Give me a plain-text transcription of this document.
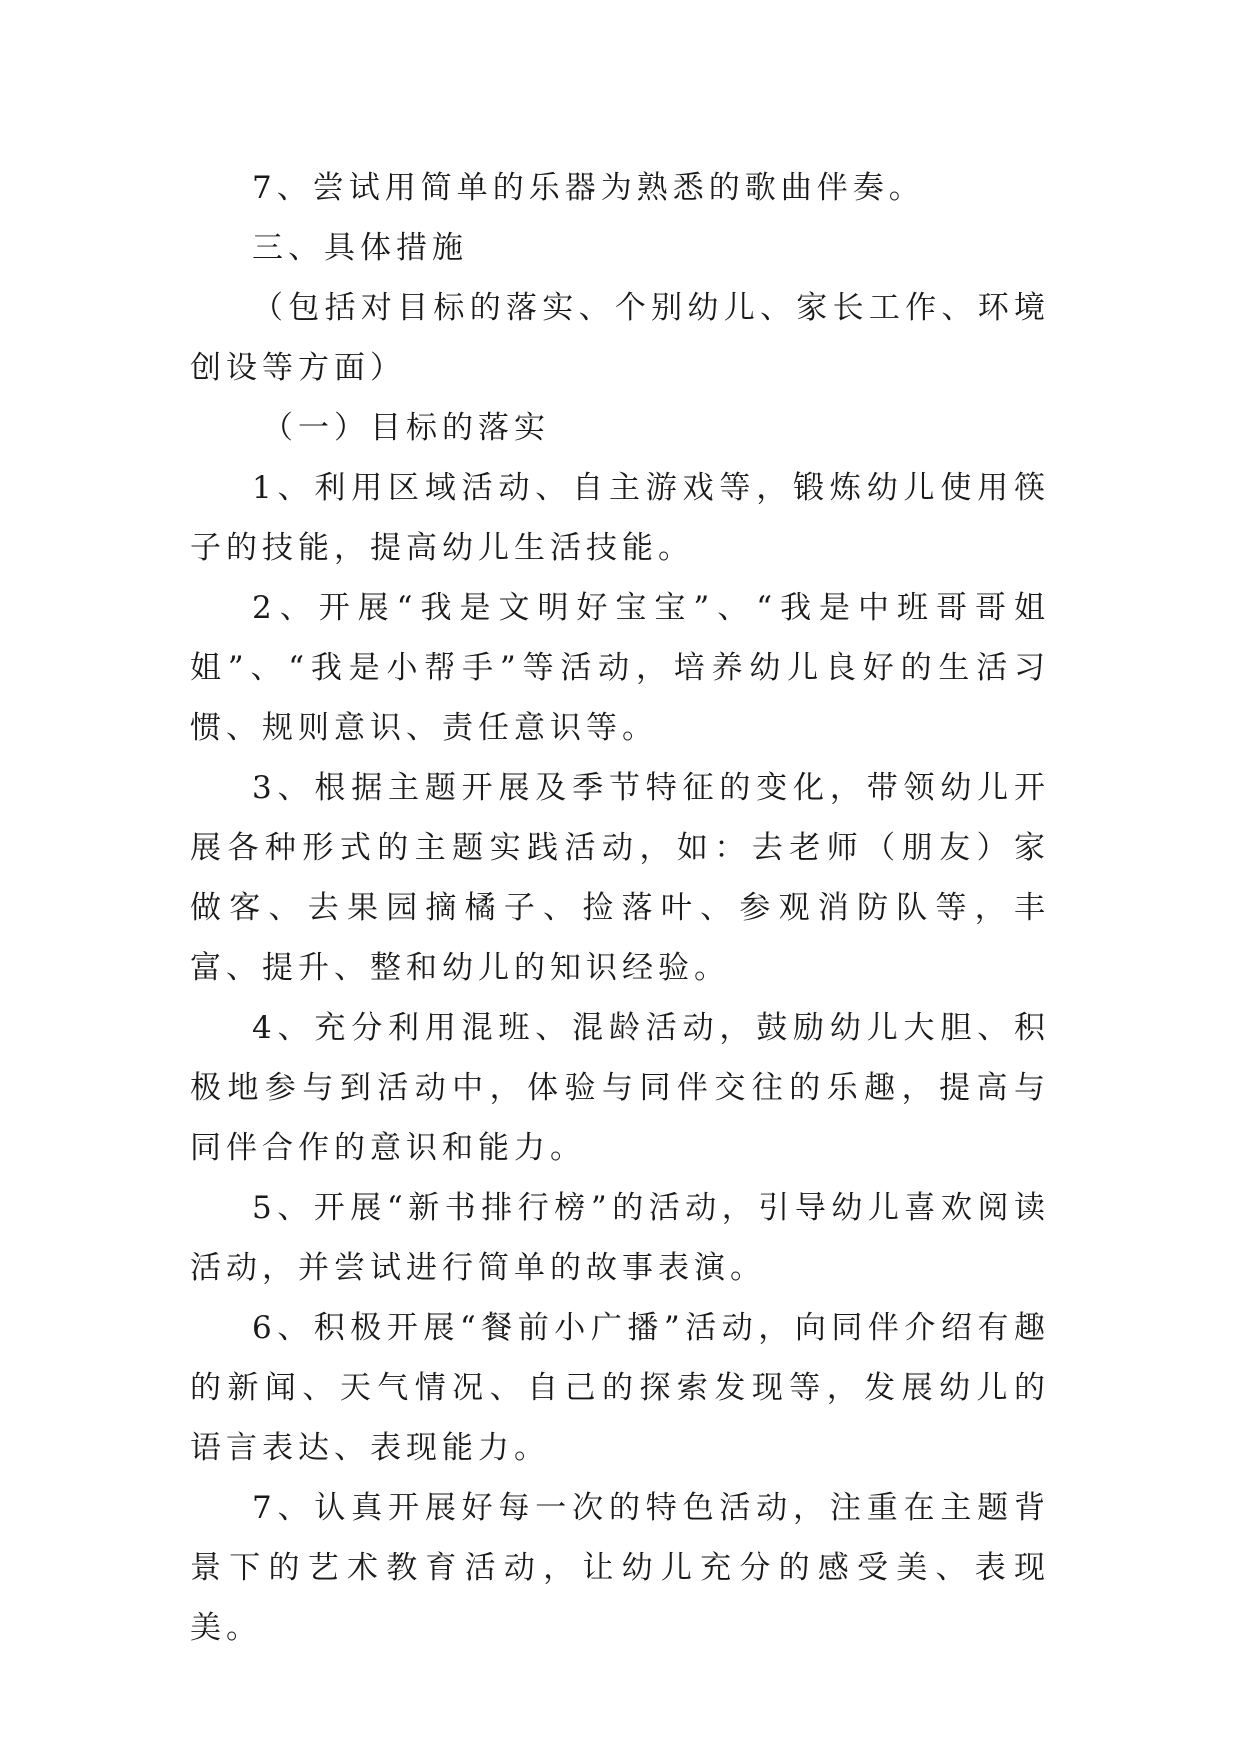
7、尝试用简单的乐器为熟悉的歌曲伴奏。

三、具体措施

（包括对目标的落实、个别幼儿、家长工作、环境创设等方面）

（一）目标的落实

1、利用区域活动、自主游戏等，锻炼幼儿使用筷子的技能，提高幼儿生活技能。

2、开展“我是文明好宝宝”、“我是中班哥哥姐姐”、“我是小帮手”等活动，培养幼儿良好的生活习惯、规则意识、责任意识等。

3、根据主题开展及季节特征的变化，带领幼儿开展各种形式的主题实践活动，如：去老师（朋友）家做客、去果园摘橘子、捡落叶、参观消防队等，丰富、提升、整和幼儿的知识经验。

4、充分利用混班、混龄活动，鼓励幼儿大胆、积极地参与到活动中，体验与同伴交往的乐趣，提高与同伴合作的意识和能力。

5、开展“新书排行榜”的活动，引导幼儿喜欢阅读活动，并尝试进行简单的故事表演。

6、积极开展“餐前小广播”活动，向同伴介绍有趣的新闻、天气情况、自己的探索发现等，发展幼儿的语言表达、表现能力。

7、认真开展好每一次的特色活动，注重在主题背景下的艺术教育活动，让幼儿充分的感受美、表现美。
